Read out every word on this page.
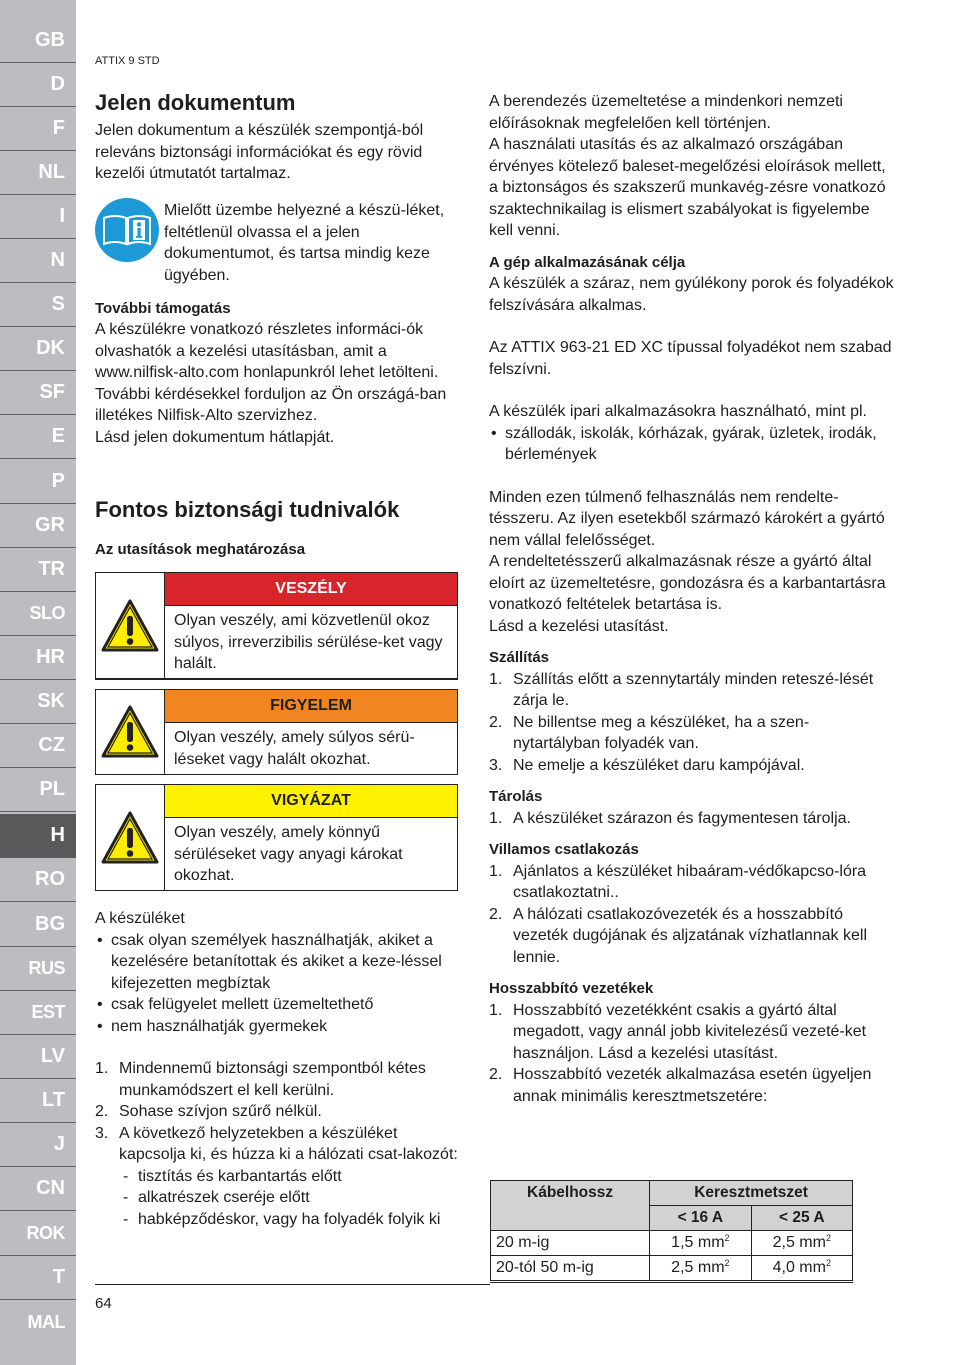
GB
D
F
NL
I
N
S
DK
SF
E
P
GR
TR
SLO
HR
SK
CZ
PL
H
RO
BG
RUS
EST
LV
LT
J
CN
ROK
T
MAL
ATTIX 9 STD
Jelen dokumentum
Jelen dokumentum a készülék szempontjá-ból releváns biztonsági információkat és egy rövid kezelői útmutatót tartalmaz.
Mielőtt üzembe helyezné a készü-léket, feltétlenül olvassa el a jelen dokumentumot, és tartsa mindig keze ügyében.
További támogatás
A készülékre vonatkozó részletes informáci-ók olvashatók a kezelési utasításban, amit a www.nilfisk-alto.com honlapunkról lehet letölteni.
További kérdésekkel forduljon az Ön országá-ban illetékes Nilfisk-Alto szervizhez.
Lásd jelen dokumentum hátlapját.
Fontos biztonsági tudnivalók
Az utasítások meghatározása
VESZÉLY
Olyan veszély, ami közvetlenül okoz súlyos, irreverzibilis sérülése-ket vagy halált.
FIGYELEM
Olyan veszély, amely súlyos sérü-léseket vagy halált okozhat.
VIGYÁZAT
Olyan veszély, amely könnyű sérüléseket vagy anyagi károkat okozhat.
A készüléket
• csak olyan személyek használhatják, akiket a kezelésére betanítottak és akiket a keze-léssel kifejezetten megbíztak
• csak felügyelet mellett üzemeltethető
• nem használhatják gyermekek
1. Mindennemű biztonsági szempontból kétes munkamódszert el kell kerülni.
2. Sohase szívjon szűrő nélkül.
3. A következő helyzetekben a készüléket kapcsolja ki, és húzza ki a hálózati csat-lakozót:
- tisztítás és karbantartás előtt
- alkatrészek cseréje előtt
- habképződéskor, vagy ha folyadék folyik ki
A berendezés üzemeltetése a mindenkori nemzeti előírásoknak megfelelően kell történjen.
A használati utasítás és az alkalmazó országában érvényes kötelező baleset-megelőzési eloírások mellett, a biztonságos és szakszerű munkavég-zésre vonatkozó szaktechnikailag is elismert szabályokat is figyelembe kell venni.
A gép alkalmazásának célja
A készülék a száraz, nem gyúlékony porok és folyadékok felszívására alkalmas.
Az ATTIX 963-21 ED XC típussal folyadékot nem szabad felszívni.
A készülék ipari alkalmazásokra használható, mint pl.
• szállodák, iskolák, kórházak, gyárak, üzletek, irodák, bérlemények
Minden ezen túlmenő felhasználás nem rendelte-tésszeru. Az ilyen esetekből származó károkért a gyártó nem vállal felelősséget.
A rendeltetésszerű alkalmazásnak része a gyártó által eloírt az üzemeltetésre, gondozásra és a karbantartásra vonatkozó feltételek betartása is.
Lásd a kezelési utasítást.
Szállítás
1. Szállítás előtt a szennytartály minden reteszé-lését zárja le.
2. Ne billentse meg a készüléket, ha a szen-nytartályban folyadék van.
3. Ne emelje a készüléket daru kampójával.
Tárolás
1. A készüléket szárazon és fagymentesen tárolja.
Villamos csatlakozás
1. Ajánlatos a készüléket hibaáram-védőkapcso-lóra csatlakoztatni..
2. A hálózati csatlakozóvezeték és a hosszabbító vezeték dugójának és aljzatának vízhatlannak kell lennie.
Hosszabbító vezetékek
1. Hosszabbító vezetékként csakis a gyártó által megadott, vagy annál jobb kivitelezésű vezeté-ket használjon. Lásd a kezelési utasítást.
2. Hosszabbító vezeték alkalmazása esetén ügyeljen annak minimális keresztmetszetére:
Kábelhossz	Keresztmetszet	
	< 16 A	< 25 A
20 m-ig	1,5 $mm^2$	2,5 $mm^2$
20-tól 50 m-ig	2,5 $mm^2$	4,0 $mm^2$
64
